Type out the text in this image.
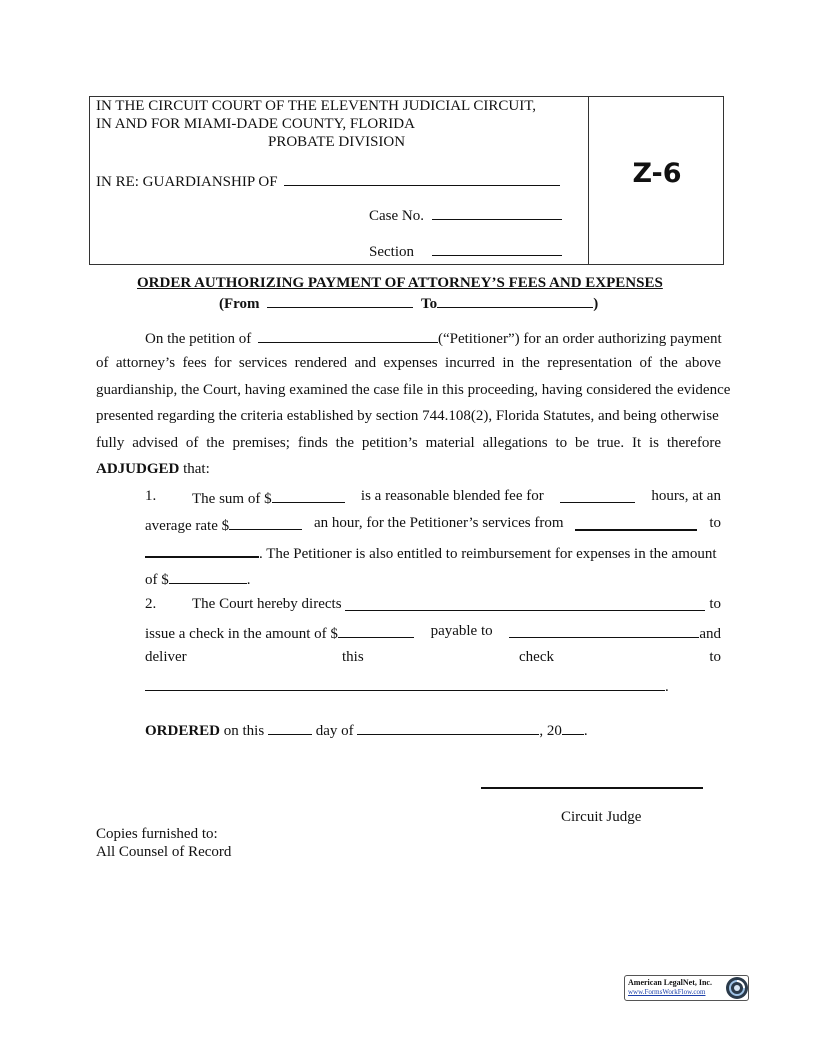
IN THE CIRCUIT COURT OF THE ELEVENTH JUDICIAL CIRCUIT,
IN AND FOR MIAMI-DADE COUNTY, FLORIDA
PROBATE DIVISION
IN RE: GUARDIANSHIP OF
Case No.
Section
Z-6
ORDER AUTHORIZING PAYMENT OF ATTORNEY’S FEES AND EXPENSES
(From	To	)
On the petition of	(“Petitioner”) for an order authorizing payment
of attorney’s fees for services rendered and expenses incurred in the representation of the above
guardianship, the Court, having examined the case file in this proceeding, having considered the evidence
presented regarding the criteria established by section 744.108(2), Florida Statutes, and being otherwise
fully advised of the premises; finds the petition’s material allegations to be true. It is therefore
ADJUDGED that:
1. The sum of $	is a reasonable blended fee for	hours, at an
average rate $	an hour, for the Petitioner’s services from	to
. The Petitioner is also entitled to reimbursement for expenses in the amount
of $	.
2. The Court hereby directs	to
issue a check in the amount of $	payable to	and
deliver	this	check	to
.
ORDERED on this	day of	, 20 .
Circuit Judge
Copies furnished to:
All Counsel of Record
American LegalNet, Inc.
www.FormsWorkFlow.com
